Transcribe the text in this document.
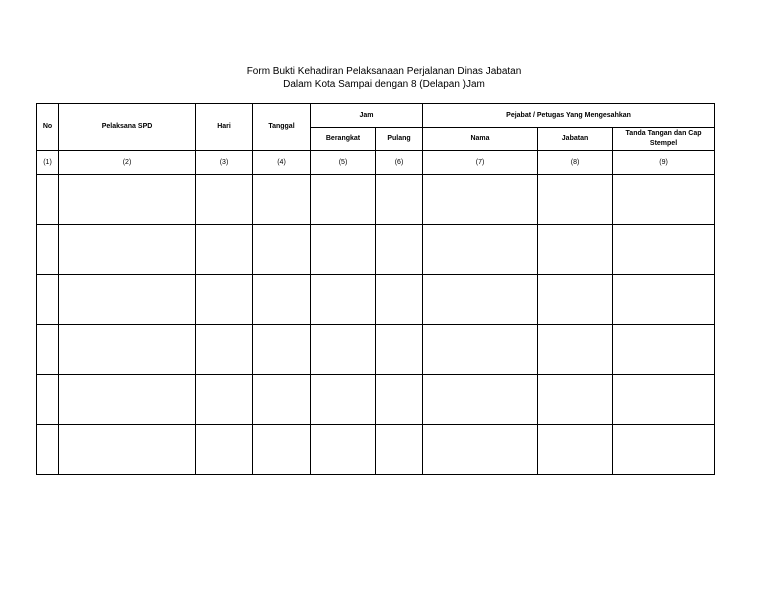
Form Bukti Kehadiran Pelaksanaan Perjalanan Dinas Jabatan
Dalam Kota Sampai dengan 8 (Delapan )Jam
No	Pelaksana SPD	Hari	Tanggal	Jam		Pejabat / Petugas Yang Mengesahkan		
				Berangkat	Pulang	Nama	Jabatan	Tanda Tangan dan Cap Stempel
(1)	(2)	(3)	(4)	(5)	(6)	(7)	(8)	(9)
